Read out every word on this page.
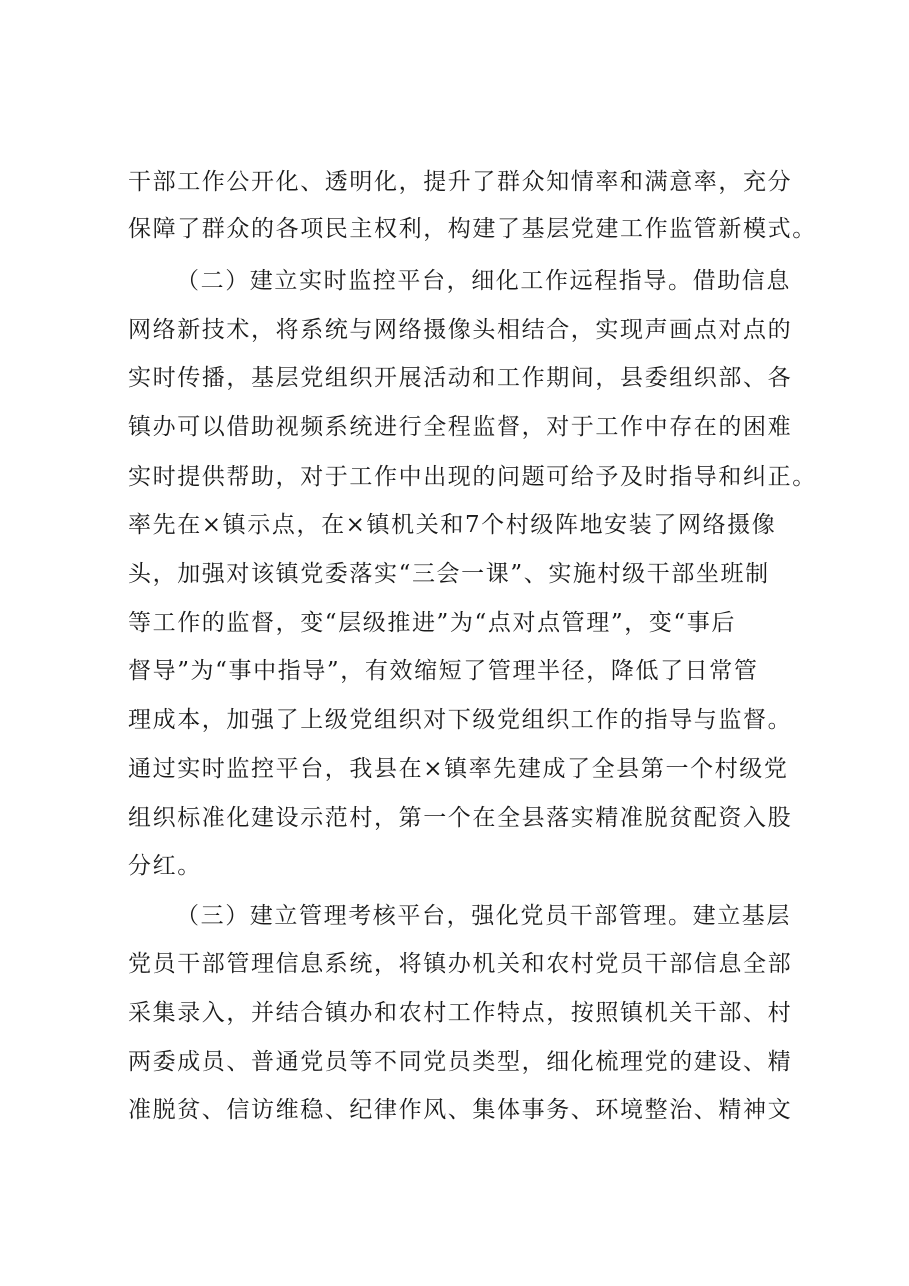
干部工作公开化、透明化，提升了群众知情率和满意率，充分
保障了群众的各项民主权利，构建了基层党建工作监管新模式。
（二）建立实时监控平台，细化工作远程指导。借助信息
网络新技术，将系统与网络摄像头相结合，实现声画点对点的
实时传播，基层党组织开展活动和工作期间，县委组织部、各
镇办可以借助视频系统进行全程监督，对于工作中存在的困难
实时提供帮助，对于工作中出现的问题可给予及时指导和纠正。
率先在×镇示点，在×镇机关和7个村级阵地安装了网络摄像
头，加强对该镇党委落实“三会一课”、实施村级干部坐班制
等工作的监督，变“层级推进”为“点对点管理”，变“事后
督导”为“事中指导”，有效缩短了管理半径，降低了日常管
理成本，加强了上级党组织对下级党组织工作的指导与监督。
通过实时监控平台，我县在×镇率先建成了全县第一个村级党
组织标准化建设示范村，第一个在全县落实精准脱贫配资入股
分红。
（三）建立管理考核平台，强化党员干部管理。建立基层
党员干部管理信息系统，将镇办机关和农村党员干部信息全部
采集录入，并结合镇办和农村工作特点，按照镇机关干部、村
两委成员、普通党员等不同党员类型，细化梳理党的建设、精
准脱贫、信访维稳、纪律作风、集体事务、环境整治、精神文
